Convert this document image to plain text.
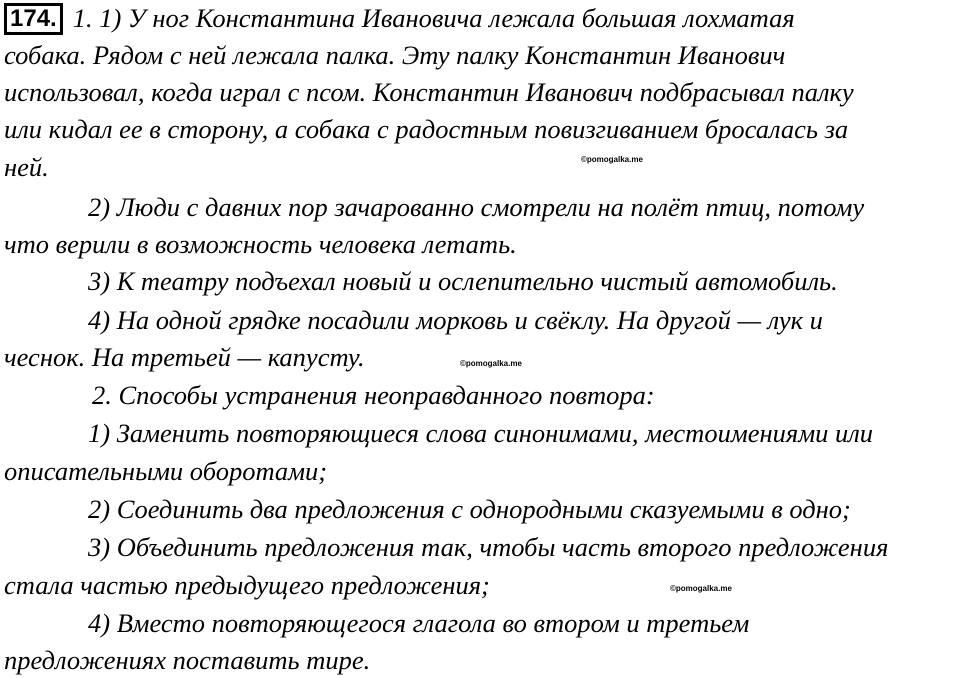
174. 1. 1) У ног Константина Ивановича лежала большая лохматая
собака. Рядом с ней лежала палка. Эту палку Константин Иванович
использовал, когда играл с псом. Константин Иванович подбрасывал палку
или кидал ее в сторону, а собака с радостным повизгиванием бросалась за
ней.
2) Люди с давних пор зачарованно смотрели на полёт птиц, потому
что верили в возможность человека летать.
3) К театру подъехал новый и ослепительно чистый автомобиль.
4) На одной грядке посадили морковь и свёклу. На другой — лук и
чеснок. На третьей — капусту.
2. Способы устранения неоправданного повтора:
1) Заменить повторяющиеся слова синонимами, местоимениями или
описательными оборотами;
2) Соединить два предложения с однородными сказуемыми в одно;
3) Объединить предложения так, чтобы часть второго предложения
стала частью предыдущего предложения;
4) Вместо повторяющегося глагола во втором и третьем
предложениях поставить тире.
©pomogalka.me
©pomogalka.me
©pomogalka.me
